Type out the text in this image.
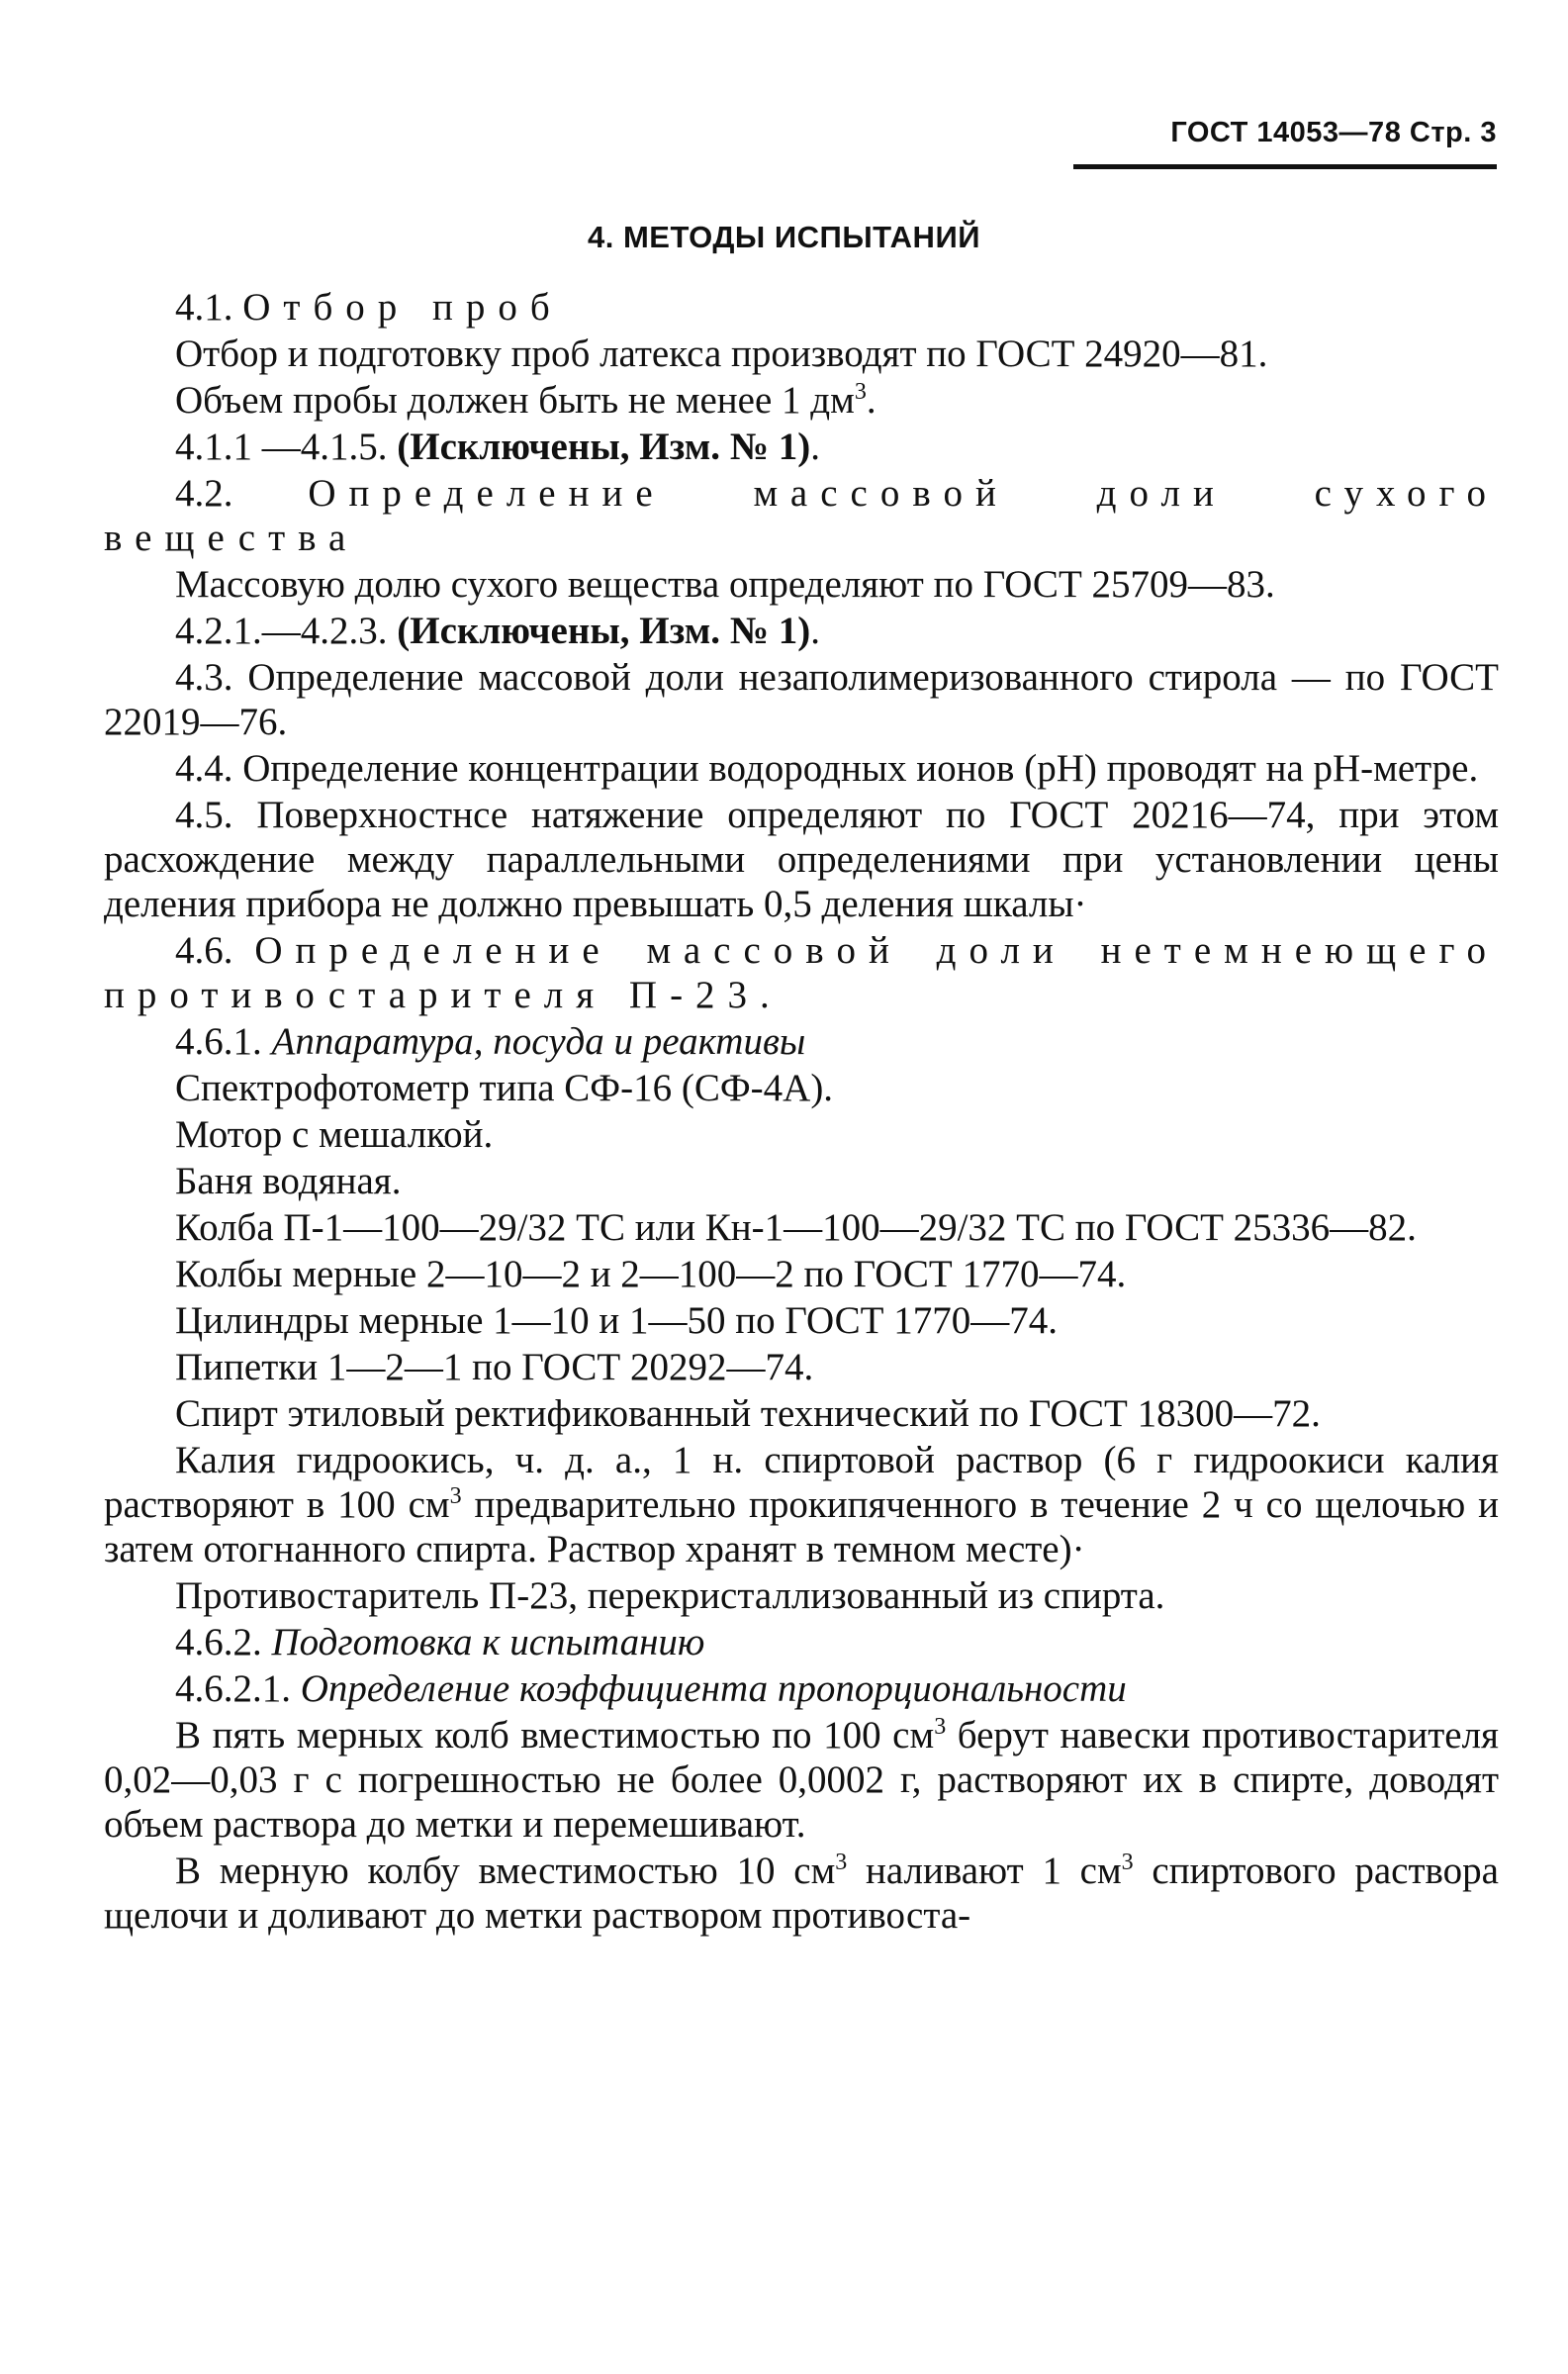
ГОСТ 14053—78 Стр. 3
4. МЕТОДЫ ИСПЫТАНИЙ

4.1. Отбор проб

Отбор и подготовку проб латекса производят по ГОСТ 24920—81.

Объем пробы должен быть не менее 1 $дм^3$.

4.1.1 —4.1.5. (Исключены, Изм. № 1).

4.2. Определение массовой доли сухого вещества

Массовую долю сухого вещества определяют по ГОСТ 25709—83.

4.2.1.—4.2.3. (Исключены, Изм. № 1).

4.3. Определение массовой доли незаполимеризованного стирола — по ГОСТ 22019—76.

4.4. Определение концентрации водородных ионов (рН) проводят на рН-метре.

4.5. Поверхностнсе натяжение определяют по ГОСТ 20216—74, при этом расхождение между параллельными определениями при установлении цены деления прибора не должно превышать 0,5 деления шкалы·

4.6. Определение массовой доли нетемнеющего противостарителя П-23.

4.6.1. Аппаратура, посуда и реактивы

Спектрофотометр типа СФ-16 (СФ-4А).

Мотор с мешалкой.

Баня водяная.

Колба П-1—100—29/32 ТС или Кн-1—100—29/32 ТС по ГОСТ 25336—82.

Колбы мерные 2—10—2 и 2—100—2 по ГОСТ 1770—74.

Цилиндры мерные 1—10 и 1—50 по ГОСТ 1770—74.

Пипетки 1—2—1 по ГОСТ 20292—74.

Спирт этиловый ректификованный технический по ГОСТ 18300—72.

Калия гидроокись, ч. д. а., 1 н. спиртовой раствор (6 г гидроокиси калия растворяют в 100 $см^3$ предварительно прокипяченного в течение 2 ч со щелочью и затем отогнанного спирта. Раствор хранят в темном месте)·

Противостаритель П-23, перекристаллизованный из спирта.

4.6.2. Подготовка к испытанию

4.6.2.1. Определение коэффициента пропорциональности

В пять мерных колб вместимостью по 100 $см^3$ берут навески противостарителя 0,02—0,03 г с погрешностью не более 0,0002 г, растворяют их в спирте, доводят объем раствора до метки и перемешивают.

В мерную колбу вместимостью 10 $см^3$ наливают 1 $см^3$ спиртового раствора щелочи и доливают до метки раствором противоста-
